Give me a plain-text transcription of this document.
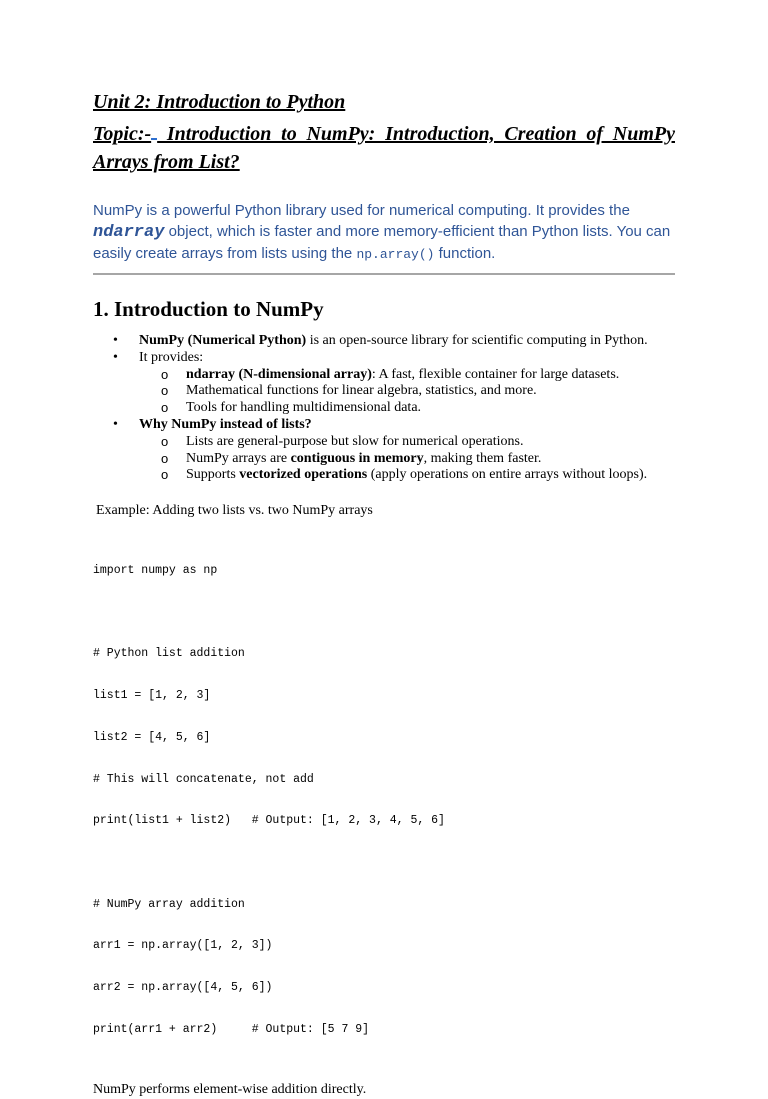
Unit 2: Introduction to Python
Topic:- Introduction to NumPy: Introduction, Creation of NumPy Arrays from List?

NumPy is a powerful Python library used for numerical computing. It provides the ndarray object, which is faster and more memory-efficient than Python lists. You can easily create arrays from lists using the np.array() function.

1. Introduction to NumPy
• NumPy (Numerical Python) is an open-source library for scientific computing in Python.
• It provides:
o ndarray (N-dimensional array): A fast, flexible container for large datasets.
o Mathematical functions for linear algebra, statistics, and more.
o Tools for handling multidimensional data.
• Why NumPy instead of lists?
o Lists are general-purpose but slow for numerical operations.
o NumPy arrays are contiguous in memory, making them faster.
o Supports vectorized operations (apply operations on entire arrays without loops).

Example: Adding two lists vs. two NumPy arrays

import numpy as np

# Python list addition

list1 = [1, 2, 3]

list2 = [4, 5, 6]

# This will concatenate, not add

print(list1 + list2)   # Output: [1, 2, 3, 4, 5, 6]

# NumPy array addition

arr1 = np.array([1, 2, 3])

arr2 = np.array([4, 5, 6])

print(arr1 + arr2)     # Output: [5 7 9]

NumPy performs element-wise addition directly.
